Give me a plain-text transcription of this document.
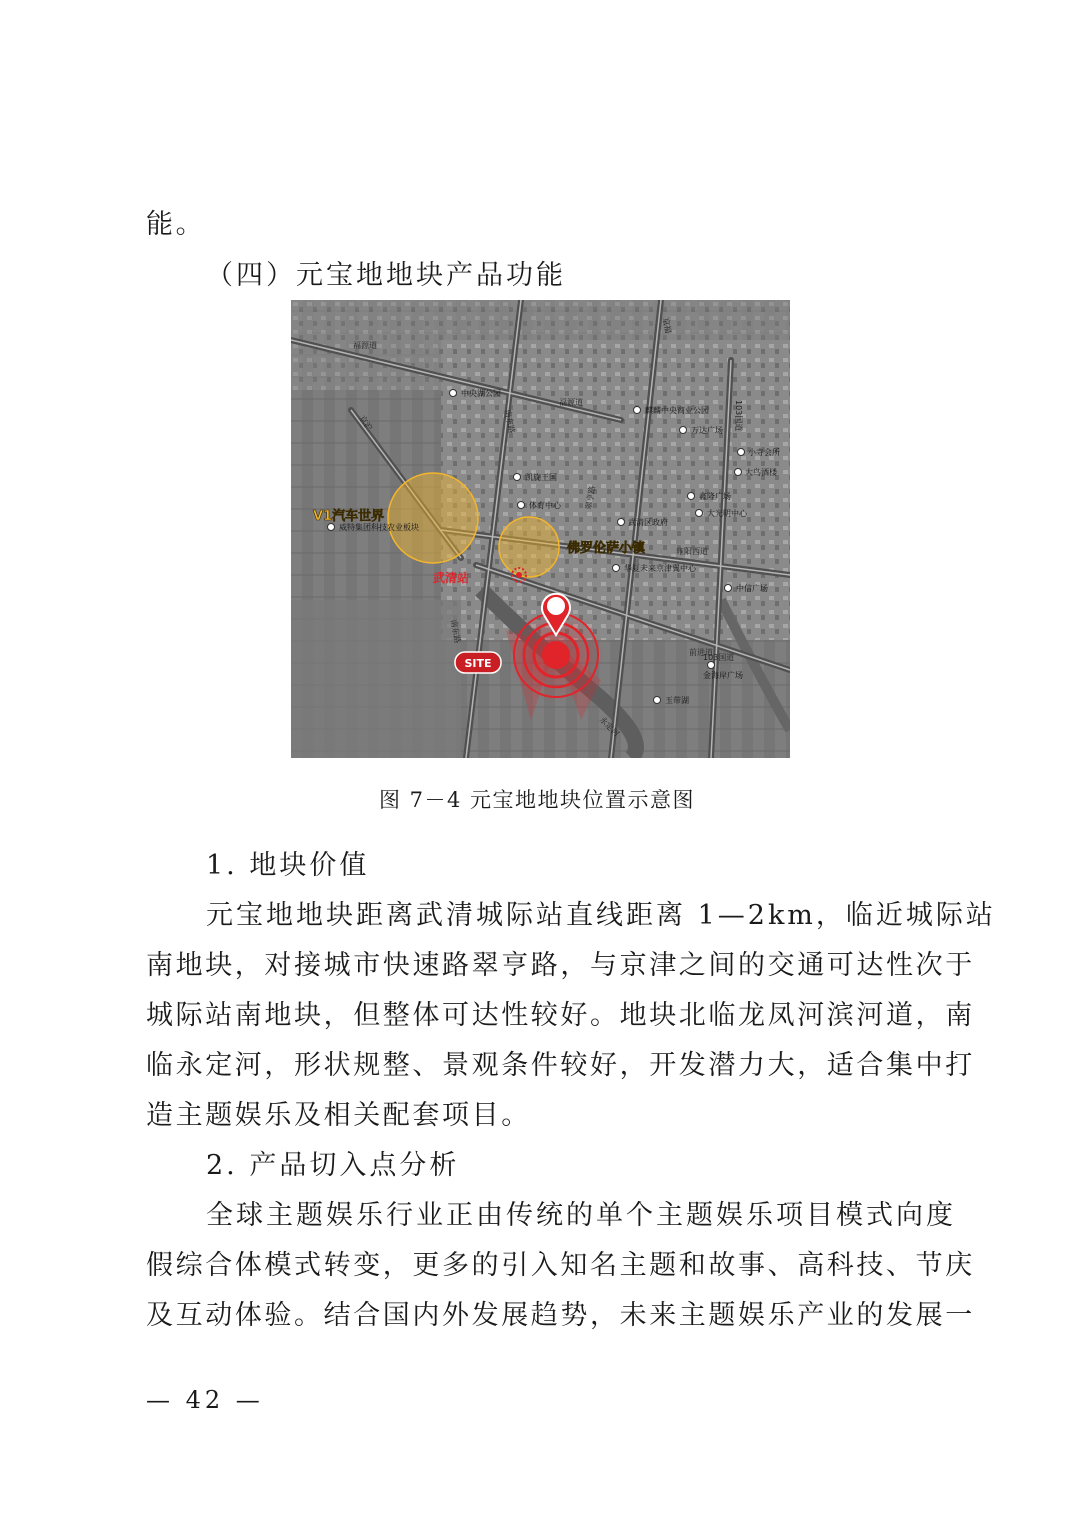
能。
（四）元宝地地块产品功能
福源道
福源道
南东路
南东路
京福
103国道
103国道
京沪
雍阳西道
前进道
永定河
翠亨路
中央湖公园
麒麟中央商业公园
万达广场
小寺会所
大鸟酒楼
凯旋王国
体育中心
鑫隆广场
大光明中心
武清区政府
华夏未来京津翼中心
中信广场
金海岸广场
玉带湖
威特集团科技农业板块
V1汽车世界
佛罗伦萨小镇
武清站
SITE
图 7－4 元宝地地块位置示意图
1. 地块价值
元宝地地块距离武清城际站直线距离 1—2km，临近城际站
南地块，对接城市快速路翠亨路，与京津之间的交通可达性次于
城际站南地块，但整体可达性较好。地块北临龙凤河滨河道，南
临永定河，形状规整、景观条件较好，开发潜力大，适合集中打
造主题娱乐及相关配套项目。
2. 产品切入点分析
全球主题娱乐行业正由传统的单个主题娱乐项目模式向度
假综合体模式转变，更多的引入知名主题和故事、高科技、节庆
及互动体验。结合国内外发展趋势，未来主题娱乐产业的发展一
— 42 —
